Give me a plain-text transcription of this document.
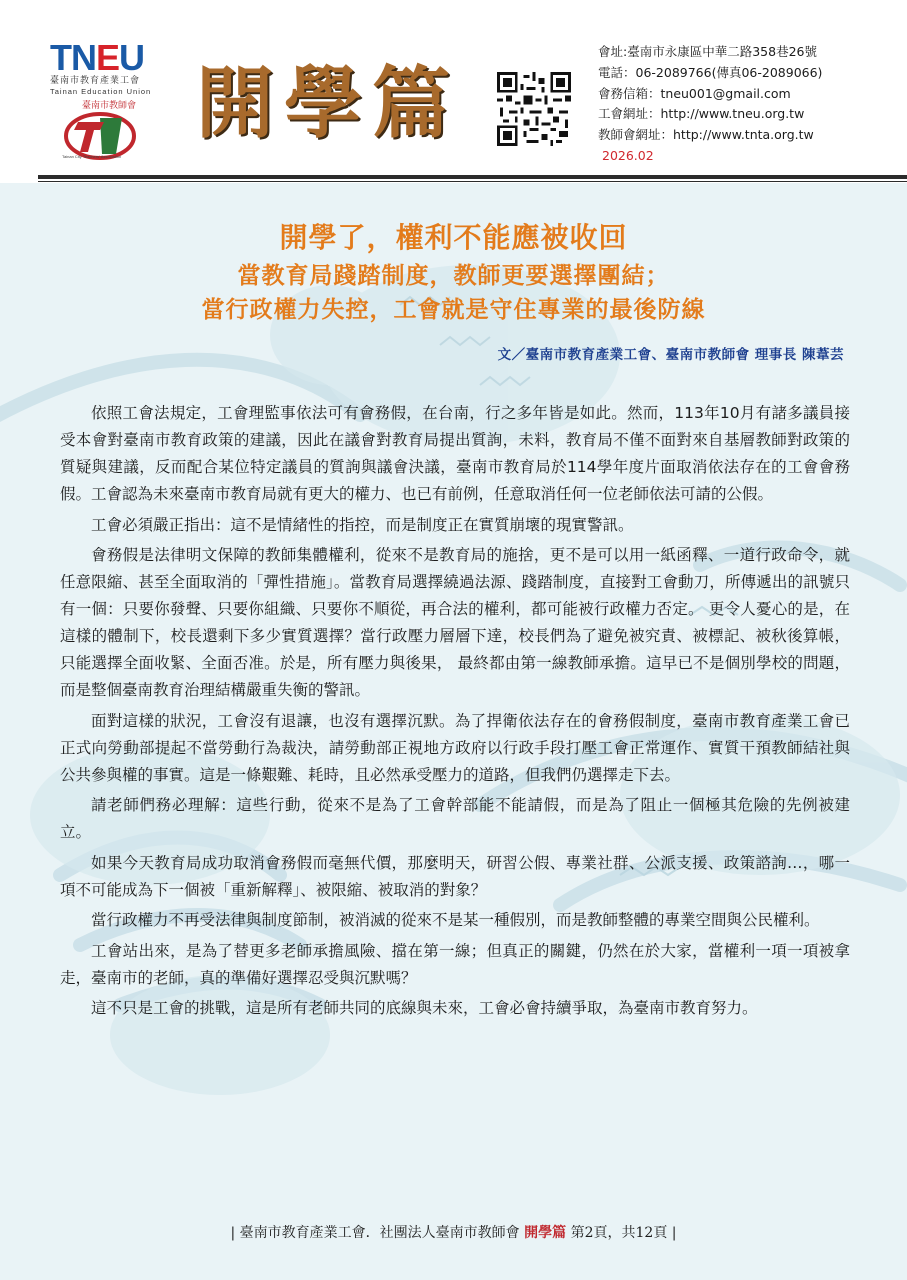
TNEU
臺南市教育產業工會
Tainan Education Union
臺南市教師會
Tainan City Teachers' Association
開學篇
會址:臺南市永康區中華二路358巷26號
電話：06-2089766(傳真06-2089066)
會務信箱：tneu001@gmail.com
工會網址：http://www.tneu.org.tw
教師會網址：http://www.tnta.org.tw
2026.02
開學了，權利不能應被收回
當教育局踐踏制度，教師更要選擇團結；
當行政權力失控，工會就是守住專業的最後防線
文／臺南市教育產業工會、臺南市教師會 理事長 陳葦芸

依照工會法規定，工會理監事依法可有會務假，在台南，行之多年皆是如此。然而，113年10月有諸多議員接受本會對臺南市教育政策的建議，因此在議會對教育局提出質詢，未料，教育局不僅不面對來自基層教師對政策的質疑與建議，反而配合某位特定議員的質詢與議會決議，臺南市教育局於114學年度片面取消依法存在的工會會務假。工會認為未來臺南市教育局就有更大的權力、也已有前例，任意取消任何一位老師依法可請的公假。

工會必須嚴正指出：這不是情緒性的指控，而是制度正在實質崩壞的現實警訊。

會務假是法律明文保障的教師集體權利，從來不是教育局的施捨，更不是可以用一紙函釋、一道行政命令，就任意限縮、甚至全面取消的「彈性措施」。當教育局選擇繞過法源、踐踏制度，直接對工會動刀，所傳遞出的訊號只有一個：只要你發聲、只要你組織、只要你不順從，再合法的權利，都可能被行政權力否定。 更令人憂心的是，在這樣的體制下，校長還剩下多少實質選擇？當行政壓力層層下達，校長們為了避免被究責、被標記、被秋後算帳，只能選擇全面收緊、全面否准。於是，所有壓力與後果， 最終都由第一線教師承擔。這早已不是個別學校的問題，而是整個臺南教育治理結構嚴重失衡的警訊。

面對這樣的狀況，工會沒有退讓，也沒有選擇沉默。為了捍衛依法存在的會務假制度，臺南市教育產業工會已正式向勞動部提起不當勞動行為裁決，請勞動部正視地方政府以行政手段打壓工會正常運作、實質干預教師結社與公共參與權的事實。這是一條艱難、耗時，且必然承受壓力的道路，但我們仍選擇走下去。

請老師們務必理解：這些行動，從來不是為了工會幹部能不能請假，而是為了阻止一個極其危險的先例被建立。

如果今天教育局成功取消會務假而毫無代價，那麼明天，研習公假、專業社群、公派支援、政策諮詢…，哪一項不可能成為下一個被「重新解釋」、被限縮、被取消的對象？

當行政權力不再受法律與制度節制，被消滅的從來不是某一種假別，而是教師整體的專業空間與公民權利。

工會站出來，是為了替更多老師承擔風險、擋在第一線；但真正的關鍵，仍然在於大家，當權利一項一項被拿走，臺南市的老師，真的準備好選擇忍受與沉默嗎？

這不只是工會的挑戰，這是所有老師共同的底線與未來，工會必會持續爭取，為臺南市教育努力。

| 臺南市教育產業工會．社團法人臺南市教師會 開學篇 第2頁，共12頁 |
